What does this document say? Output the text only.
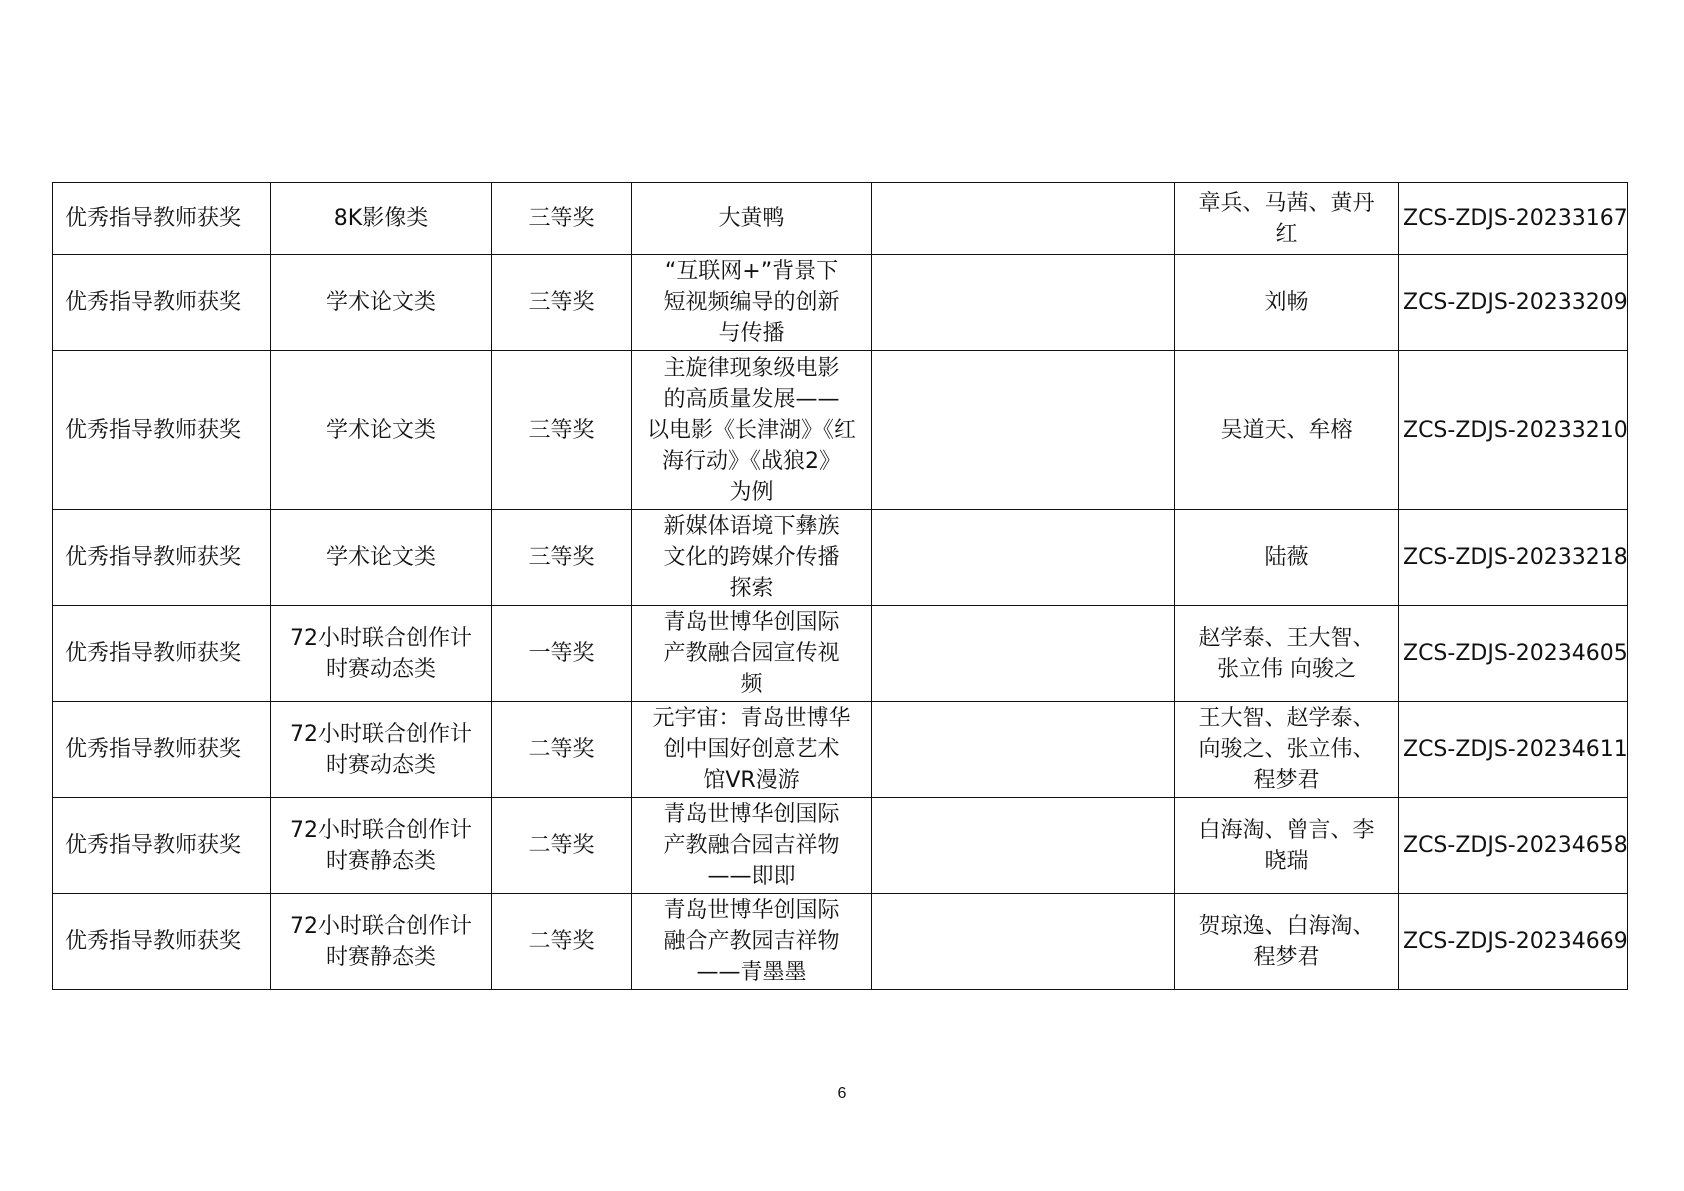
优秀指导教师获奖	8K影像类	三等奖	大黄鸭		章兵、马茜、黄丹
红	ZCS-ZDJS-20233167
优秀指导教师获奖	学术论文类	三等奖	“互联网+”背景下
短视频编导的创新
与传播		刘畅	ZCS-ZDJS-20233209
优秀指导教师获奖	学术论文类	三等奖	主旋律现象级电影
的高质量发展——
以电影《长津湖》《红
海行动》《战狼2》
为例		吴道天、牟榕	ZCS-ZDJS-20233210
优秀指导教师获奖	学术论文类	三等奖	新媒体语境下彝族
文化的跨媒介传播
探索		陆薇	ZCS-ZDJS-20233218
优秀指导教师获奖	72小时联合创作计
时赛动态类	一等奖	青岛世博华创国际
产教融合园宣传视
频		赵学泰、王大智、
张立伟 向骏之	ZCS-ZDJS-20234605
优秀指导教师获奖	72小时联合创作计
时赛动态类	二等奖	元宇宙：青岛世博华
创中国好创意艺术
馆VR漫游		王大智、赵学泰、
向骏之、张立伟、
程梦君	ZCS-ZDJS-20234611
优秀指导教师获奖	72小时联合创作计
时赛静态类	二等奖	青岛世博华创国际
产教融合园吉祥物
——即即		白海淘、曾言、李
晓瑞	ZCS-ZDJS-20234658
优秀指导教师获奖	72小时联合创作计
时赛静态类	二等奖	青岛世博华创国际
融合产教园吉祥物
——青墨墨		贺琼逸、白海淘、
程梦君	ZCS-ZDJS-20234669
6
